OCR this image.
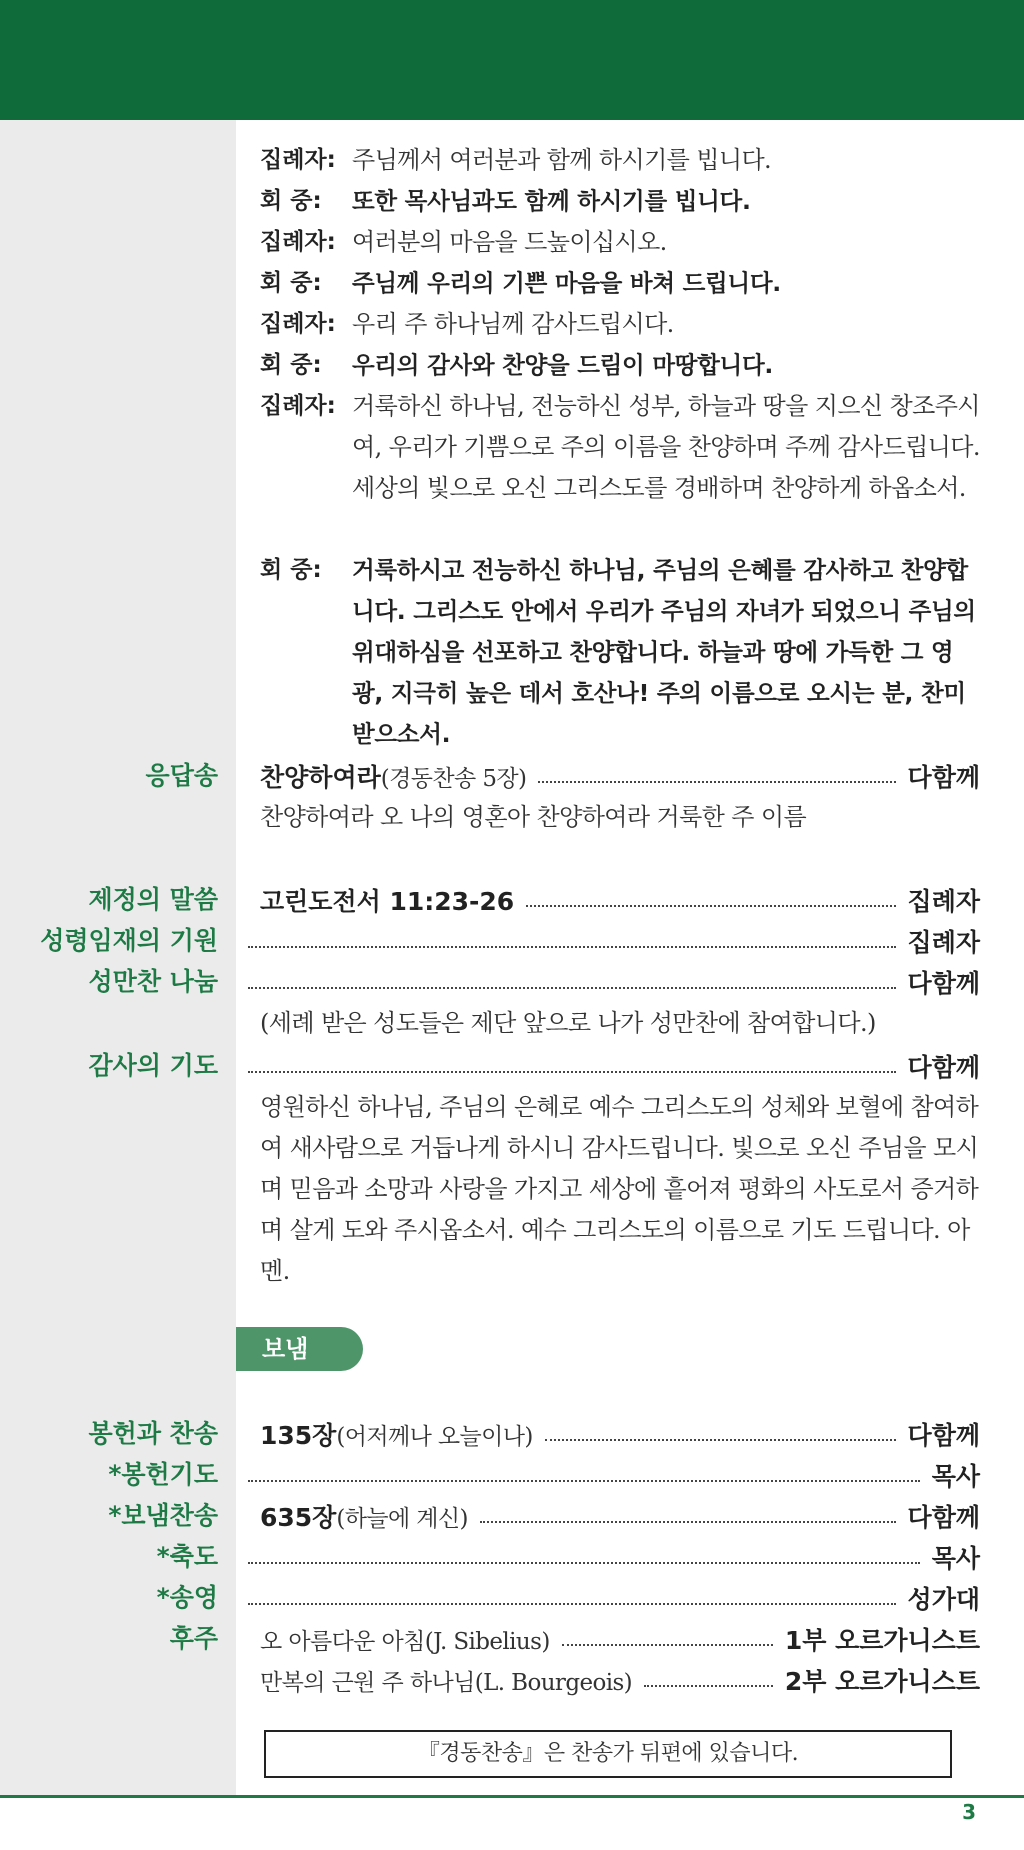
집례자: 주님께서 여러분과 함께 하시기를 빕니다.
회 중:	또한 목사님과도 함께 하시기를 빕니다.
집례자: 여러분의 마음을 드높이십시오.
회 중:	주님께 우리의 기쁜 마음을 바쳐 드립니다.
집례자: 우리 주 하나님께 감사드립시다.
회 중:	우리의 감사와 찬양을 드림이 마땅합니다.
집례자: 거룩하신 하나님, 전능하신 성부, 하늘과 땅을 지으신 창조주시여, 우리가 기쁨으로 주의 이름을 찬양하며 주께 감사드립니다. 세상의 빛으로 오신 그리스도를 경배하며 찬양하게 하옵소서.
회 중:	거룩하시고 전능하신 하나님, 주님의 은혜를 감사하고 찬양합니다. 그리스도 안에서 우리가 주님의 자녀가 되었으니 주님의 위대하심을 선포하고 찬양합니다. 하늘과 땅에 가득한 그 영광, 지극히 높은 데서 호산나! 주의 이름으로 오시는 분, 찬미받으소서.
응답송 찬양하여라 (경동찬송 5장)	다함께
찬양하여라 오 나의 영혼아 찬양하여라 거룩한 주 이름
제정의 말씀 고린도전서 11:23-26	집례자
성령임재의 기원	집례자
성만찬 나눔	다함께
(세례 받은 성도들은 제단 앞으로 나가 성만찬에 참여합니다.)
감사의 기도	다함께
영원하신 하나님, 주님의 은혜로 예수 그리스도의 성체와 보혈에 참여하여 새사람으로 거듭나게 하시니 감사드립니다. 빛으로 오신 주님을 모시며 믿음과 소망과 사랑을 가지고 세상에 흩어져 평화의 사도로서 증거하며 살게 도와 주시옵소서. 예수 그리스도의 이름으로 기도 드립니다. 아멘.
보냄
봉헌과 찬송 135장 (어저께나 오늘이나)	다함께
*봉헌기도	목사
*보냄찬송 635장 (하늘에 계신)	다함께
*축도	목사
*송영	성가대
후주 오 아름다운 아침(J. Sibelius)	1부 오르가니스트
만복의 근원 주 하나님(L. Bourgeois)	2부 오르가니스트
『경동찬송』은 찬송가 뒤편에 있습니다.
3
